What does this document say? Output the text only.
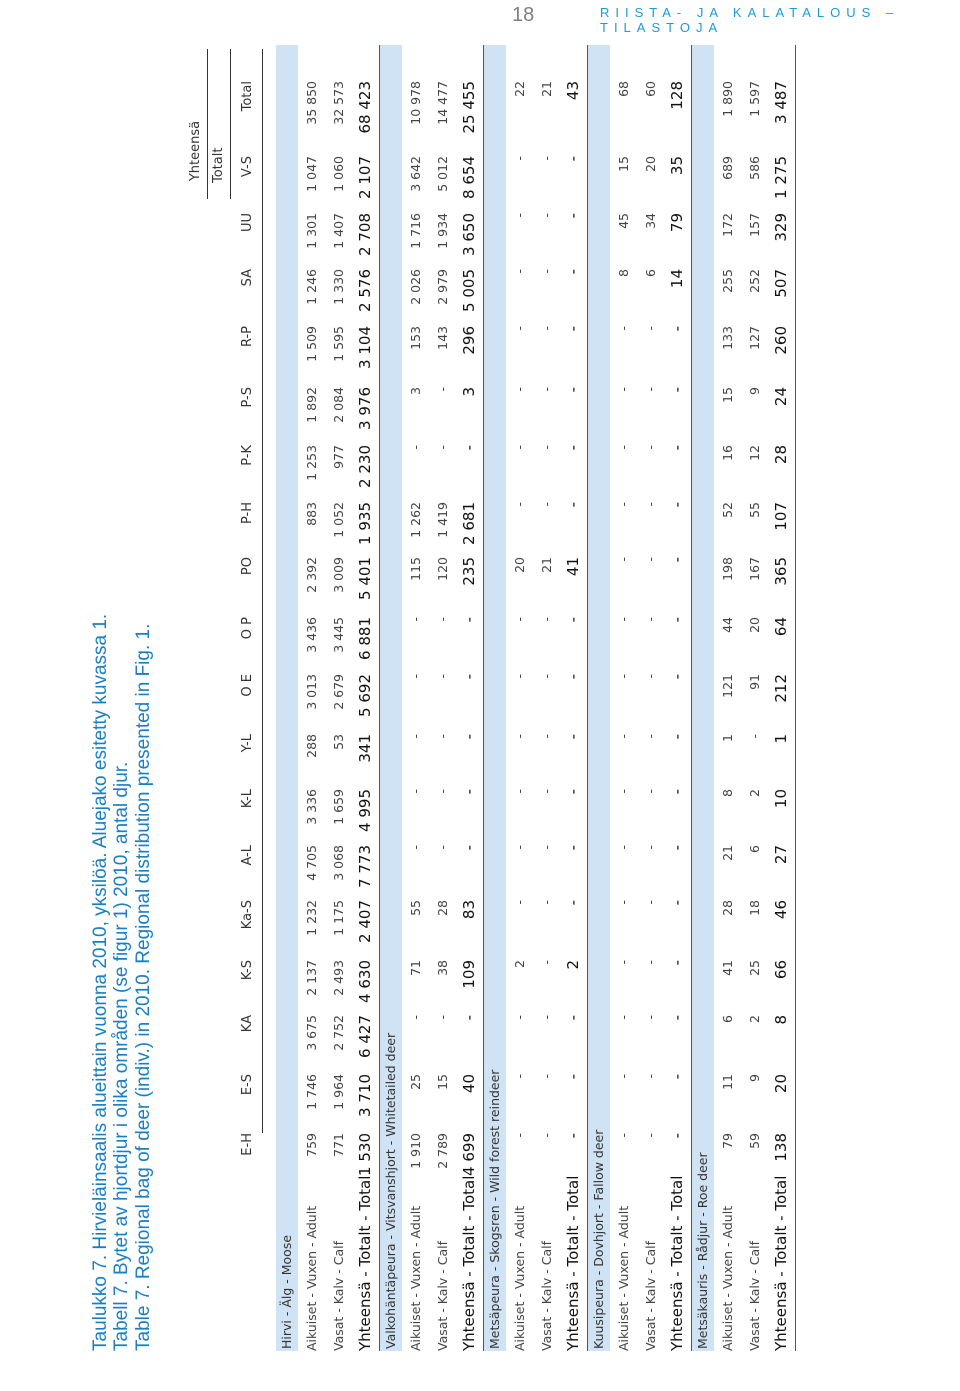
18	RIISTA- JA KALATALOUS – TILASTOJA
Taulukko 7. Hirvieläinsaalis alueittain vuonna 2010, yksilöä. Aluejako esitetty kuvassa 1. Tabell 7. Bytet av hjortdjur i olika områden (se figur 1) 2010, antal djur. Table 7. Regional bag of deer (indiv.) in 2010. Regional distribution presented in Fig. 1.
Yhteensä Totalt
E-H
E-S
KA
K-S
Ka-S
A-L
K-L
Y-L
O E
O P
PO
P-H
P-K
P-S
R-P
SA
UU
V-S
Total
Hirvi - Älg - Moose Aikuiset - Vuxen - Adult
759
1 746
3 675
2 137
1 232
4 705
3 336
288
3 013
3 436
2 392
883
1 253
1 892
1 509
1 246
1 301
1 047
35 850
Vasat - Kalv - Calf
771
1 964
2 752
2 493
1 175
3 068
1 659
53
2 679
3 445
3 009
1 052
977
2 084
1 595
1 330
1 407
1 060
32 573
Yhteensä - Totalt - Total
1 530
3 710
6 427
4 630
2 407
7 773
4 995
341
5 692
6 881
5 401
1 935
2 230
3 976
3 104
2 576
2 708
2 107
68 423
Valkohäntäpeura - Vitsvanshjort - Whitetailed deer Aikuiset - Vuxen - Adult
1 910
25
-
71
55
-
-
-
-
-
115
1 262
-
3
153
2 026
1 716
3 642
10 978
Vasat - Kalv - Calf
2 789
15
-
38
28
-
-
-
-
-
120
1 419
-
-
143
2 979
1 934
5 012
14 477
Yhteensä - Totalt - Total
4 699
40
-
109
83
-
-
-
-
-
235
2 681
-
3
296
5 005
3 650
8 654
25 455
Metsäpeura - Skogsren - Wild forest reindeer Aikuiset - Vuxen - Adult
-
-
-
2
-
-
-
-
-
-
20
-
-
-
-
-
-
-
22
Vasat - Kalv - Calf
-
-
-
-
-
-
-
-
-
-
21
-
-
-
-
-
-
-
21
Yhteensä - Totalt - Total
-
-
-
2
-
-
-
-
-
-
41
-
-
-
-
-
-
-
43
Kuusipeura - Dovhjort - Fallow deer Aikuiset - Vuxen - Adult
-
-
-
-
-
-
-
-
-
-
-
-
-
-
-
8
45
15
68
Vasat - Kalv - Calf
-
-
-
-
-
-
-
-
-
-
-
-
-
-
-
6
34
20
60
Yhteensä - Totalt - Total
-
-
-
-
-
-
-
-
-
-
-
-
-
-
-
14
79
35
128
Metsäkauris - Rådjur - Roe deer Aikuiset - Vuxen - Adult
79
11
6
41
28
21
8
1
121
44
198
52
16
15
133
255
172
689
1 890
Vasat - Kalv - Calf
59
9
2
25
18
6
2
-
91
20
167
55
12
9
127
252
157
586
1 597
Yhteensä - Totalt - Total
138
20
8
66
46
27
10
1
212
64
365
107
28
24
260
507
329
1 275
3 487
